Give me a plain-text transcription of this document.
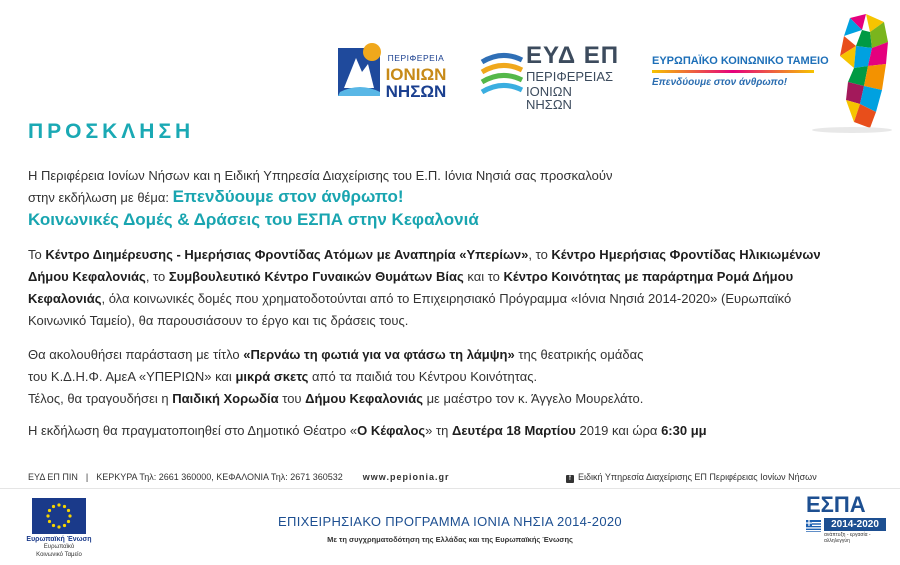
ΠΕΡΙΦΕΡΕΙΑ
ΙΟΝΙΩΝ
ΝΗΣΩΝ
ΕΥΔ ΕΠ
ΠΕΡΙΦΕΡΕΙΑΣ
ΙΟΝΙΩΝ ΝΗΣΩΝ
ΕΥΡΩΠΑΪΚΟ ΚΟΙΝΩΝΙΚΟ ΤΑΜΕΙΟ
Επενδύουμε στον άνθρωπο!
ΠΡΟΣΚΛΗΣΗ
Η Περιφέρεια Ιονίων Νήσων και η Ειδική Υπηρεσία Διαχείρισης του Ε.Π. Ιόνια Νησιά σας προσκαλούν
στην εκδήλωση με θέμα: Επενδύουμε στον άνθρωπο!
Κοινωνικές Δομές & Δράσεις του ΕΣΠΑ στην Κεφαλονιά
Το Κέντρο Διημέρευσης - Ημερήσιας Φροντίδας Ατόμων με Αναπηρία «Υπερίων», το Κέντρο Ημερήσιας Φροντίδας Ηλικιωμένων Δήμου Κεφαλονιάς, το Συμβουλευτικό Κέντρο Γυναικών Θυμάτων Βίας και το Κέντρο Κοινότητας με παράρτημα Ρομά Δήμου Κεφαλονιάς, όλα κοινωνικές δομές που χρηματοδοτούνται από το Επιχειρησιακό Πρόγραμμα «Ιόνια Νησιά 2014-2020» (Ευρωπαϊκό Κοινωνικό Ταμείο), θα παρουσιάσουν το έργο και τις δράσεις τους.
Θα ακολουθήσει παράσταση με τίτλο «Περνάω τη φωτιά για να φτάσω τη λάμψη» της θεατρικής ομάδας
του Κ.Δ.Η.Φ. ΑμεΑ «ΥΠΕΡΙΩΝ» και μικρά σκετς από τα παιδιά του Κέντρου Κοινότητας.
Τέλος, θα τραγουδήσει η Παιδική Χορωδία του Δήμου Κεφαλονιάς με μαέστρο τον κ. Άγγελο Μουρελάτο.
Η εκδήλωση θα πραγματοποιηθεί στο Δημοτικό Θέατρο «Ο Κέφαλος» τη Δευτέρα 18 Μαρτίου 2019 και ώρα 6:30 μμ
ΕΥΔ ΕΠ ΠΙΝ | ΚΕΡΚΥΡΑ Τηλ: 2661 360000, ΚΕΦΑΛΟΝΙΑ Τηλ: 2671 360532 www.pepionia.gr	f Ειδική Υπηρεσία Διαχείρισης ΕΠ Περιφέρειας Ιονίων Νήσων
Ευρωπαϊκή Ένωση
Ευρωπαϊκό
Κοινωνικό Ταμείο
ΕΠΙΧΕΙΡΗΣΙΑΚΟ ΠΡΟΓΡΑΜΜΑ ΙΟΝΙΑ ΝΗΣΙΑ 2014-2020
Με τη συγχρηματοδότηση της Ελλάδας και της Ευρωπαϊκής Ένωσης
ΕΣΠΑ
2014-2020
ανάπτυξη - εργασία - αλληλεγγύη
